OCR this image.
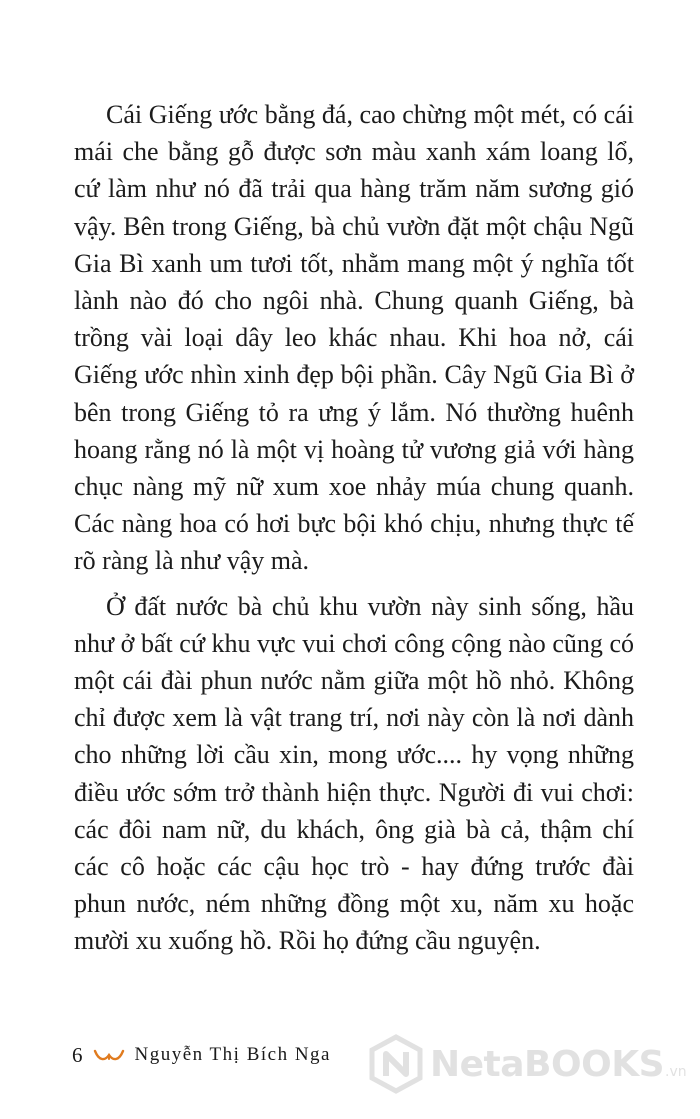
Cái Giếng ước bằng đá, cao chừng một mét, có cái mái che bằng gỗ được sơn màu xanh xám loang lổ, cứ làm như nó đã trải qua hàng trăm năm sương gió vậy. Bên trong Giếng, bà chủ vườn đặt một chậu Ngũ Gia Bì xanh um tươi tốt, nhằm mang một ý nghĩa tốt lành nào đó cho ngôi nhà. Chung quanh Giếng, bà trồng vài loại dây leo khác nhau. Khi hoa nở, cái Giếng ước nhìn xinh đẹp bội phần. Cây Ngũ Gia Bì ở bên trong Giếng tỏ ra ưng ý lắm. Nó thường huênh hoang rằng nó là một vị hoàng tử vương giả với hàng chục nàng mỹ nữ xum xoe nhảy múa chung quanh. Các nàng hoa có hơi bực bội khó chịu, nhưng thực tế rõ ràng là như vậy mà.

Ở đất nước bà chủ khu vườn này sinh sống, hầu như ở bất cứ khu vực vui chơi công cộng nào cũng có một cái đài phun nước nằm giữa một hồ nhỏ. Không chỉ được xem là vật trang trí, nơi này còn là nơi dành cho những lời cầu xin, mong ước.... hy vọng những điều ước sớm trở thành hiện thực. Người đi vui chơi: các đôi nam nữ, du khách, ông già bà cả, thậm chí các cô hoặc các cậu học trò - hay đứng trước đài phun nước, ném những đồng một xu, năm xu hoặc mười xu xuống hồ. Rồi họ đứng cầu nguyện.

6	Nguyễn Thị Bích Nga	NetaBOOKS .vn
